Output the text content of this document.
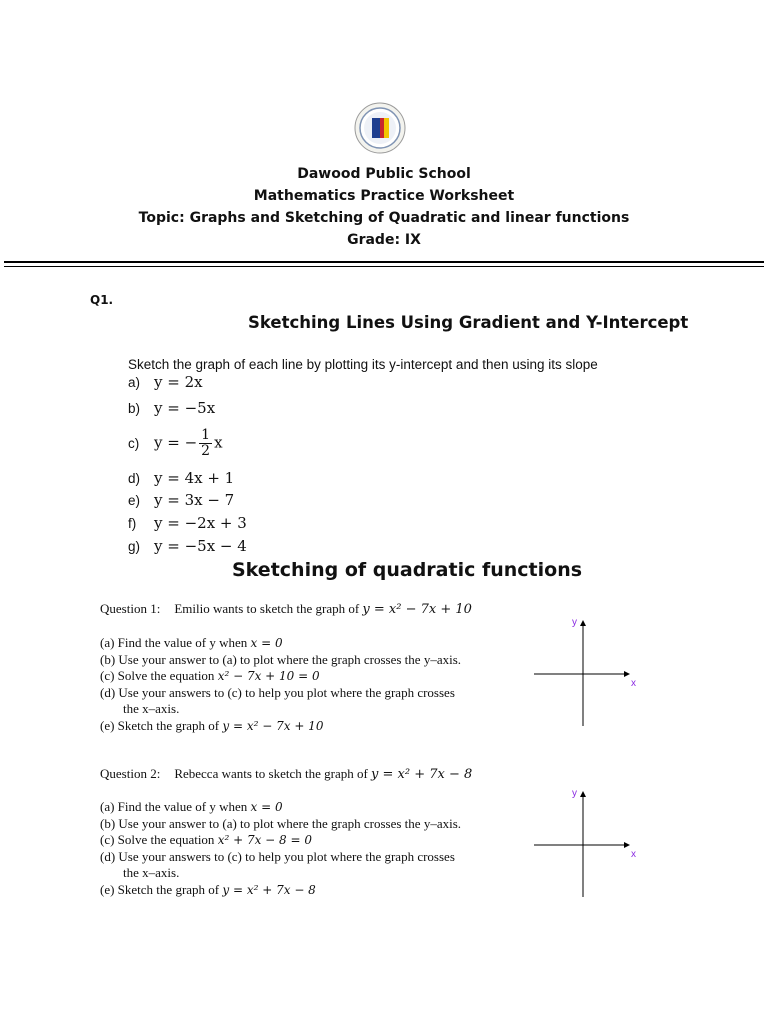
Dawood Public School
Mathematics Practice Worksheet
Topic: Graphs and Sketching of Quadratic and linear functions
Grade: IX
Q1.
Sketching Lines Using Gradient and Y-Intercept
Sketch the graph of each line by plotting its y-intercept and then using its slope
a) y = 2x
b) y = −5x
c) y = − $\frac{1}{2}$ x
d) y = 4x + 1
e) y = 3x − 7
f)	y = −2x + 3
g) y = −5x − 4
Sketching of quadratic functions
Question 1: Emilio wants to sketch the graph of y = x² − 7x + 10
(a) Find the value of y when x = 0
(b) Use your answer to (a) to plot where the graph crosses the y–axis.
(c) Solve the equation x² − 7x + 10 = 0
(d) Use your answers to (c) to help you plot where the graph crosses
the x–axis.
(e) Sketch the graph of y = x² − 7x + 10
y
x
Question 2: Rebecca wants to sketch the graph of y = x² + 7x − 8
(a) Find the value of y when x = 0
(b) Use your answer to (a) to plot where the graph crosses the y–axis.
(c) Solve the equation x² + 7x − 8 = 0
(d) Use your answers to (c) to help you plot where the graph crosses
the x–axis.
(e) Sketch the graph of y = x² + 7x − 8
y
x
